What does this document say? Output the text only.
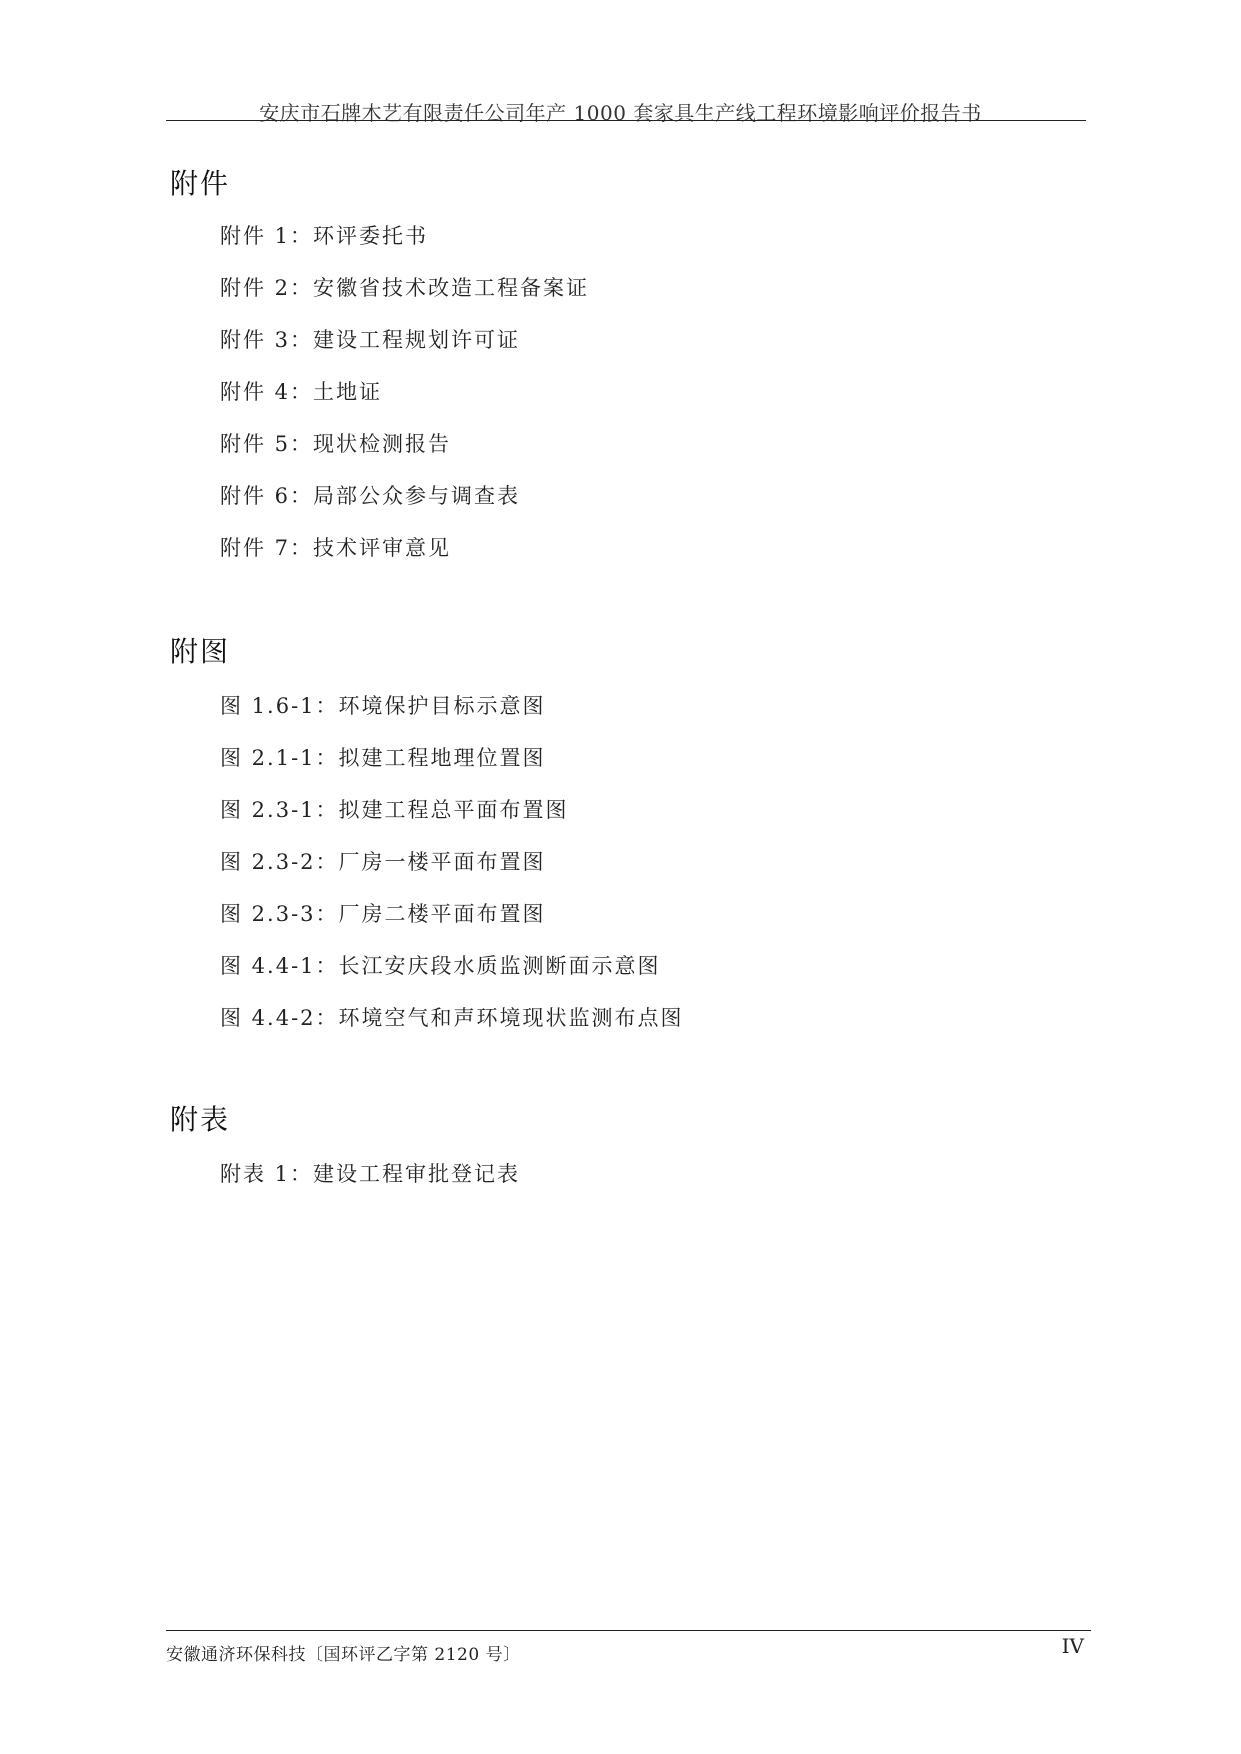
安庆市石牌木艺有限责任公司年产 1000 套家具生产线工程环境影响评价报告书
附件
附件 1：环评委托书
附件 2：安徽省技术改造工程备案证
附件 3：建设工程规划许可证
附件 4：土地证
附件 5：现状检测报告
附件 6：局部公众参与调查表
附件 7：技术评审意见
附图
图 1.6-1：环境保护目标示意图
图 2.1-1：拟建工程地理位置图
图 2.3-1：拟建工程总平面布置图
图 2.3-2：厂房一楼平面布置图
图 2.3-3：厂房二楼平面布置图
图 4.4-1：长江安庆段水质监测断面示意图
图 4.4-2：环境空气和声环境现状监测布点图
附表
附表 1：建设工程审批登记表
安徽通济环保科技〔国环评乙字第 2120 号〕	IV
